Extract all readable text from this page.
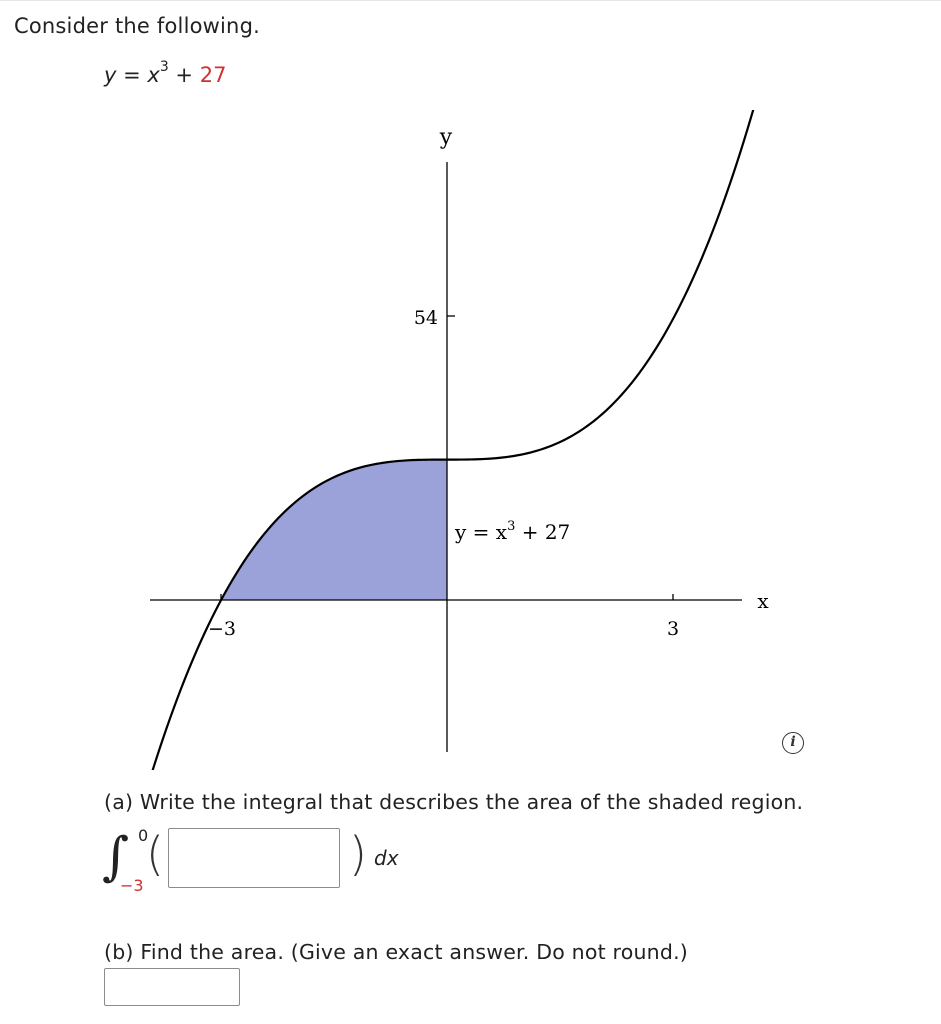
Consider the following.
$y = x^3 + 27$
y
x
54
−3	3
$y = x^3 + 27$
i
(a) Write the integral that describes the area of the shaded region.
∫ 0
−3
(	) dx
(b) Find the area. (Give an exact answer. Do not round.)
